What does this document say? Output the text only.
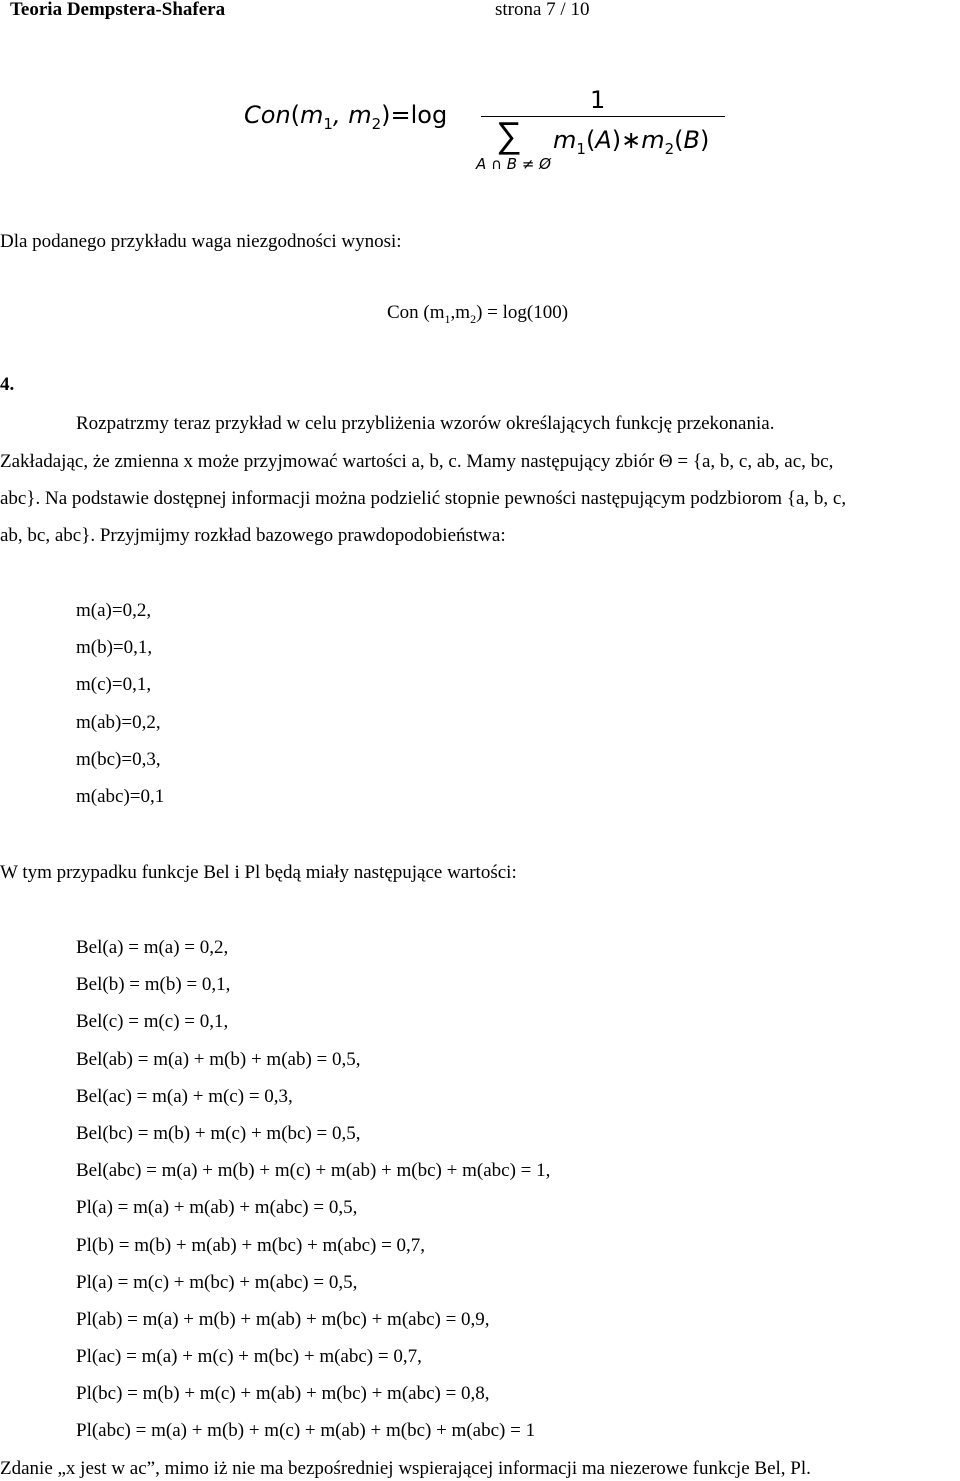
Teoria Dempstera-Shafera	strona 7 / 10
$Con(m_1$, $m_2)=\log$
1
∑
A ∩ B ≠ Ø
$m_1(A)∗m_2(B)$
Dla podanego przykładu waga niezgodności wynosi:
Con $(m_1,m_2) = \log(100)$
4.
Rozpatrzmy teraz przykład w celu przybliżenia wzorów określających funkcję przekonania.
Zakładając, że zmienna x może przyjmować wartości a, b, c. Mamy następujący zbiór Θ = {a, b, c, ab, ac, bc,
abc}. Na podstawie dostępnej informacji można podzielić stopnie pewności następującym podzbiorom {a, b, c,
ab, bc, abc}. Przyjmijmy rozkład bazowego prawdopodobieństwa:
m(a)=0,2,
m(b)=0,1,
m(c)=0,1,
m(ab)=0,2,
m(bc)=0,3,
m(abc)=0,1
W tym przypadku funkcje Bel i Pl będą miały następujące wartości:
Bel(a) = m(a) = 0,2,
Bel(b) = m(b) = 0,1,
Bel(c) = m(c) = 0,1,
Bel(ab) = m(a) + m(b) + m(ab) = 0,5,
Bel(ac) = m(a) + m(c) = 0,3,
Bel(bc) = m(b) + m(c) + m(bc) = 0,5,
Bel(abc) = m(a) + m(b) + m(c) + m(ab) + m(bc) + m(abc) = 1,
Pl(a) = m(a) + m(ab) + m(abc) = 0,5,
Pl(b) = m(b) + m(ab) + m(bc) + m(abc) = 0,7,
Pl(a) = m(c) + m(bc) + m(abc) = 0,5,
Pl(ab) = m(a) + m(b) + m(ab) + m(bc) + m(abc) = 0,9,
Pl(ac) = m(a) + m(c) + m(bc) + m(abc) = 0,7,
Pl(bc) = m(b) + m(c) + m(ab) + m(bc) + m(abc) = 0,8,
Pl(abc) = m(a) + m(b) + m(c) + m(ab) + m(bc) + m(abc) = 1
Zdanie „x jest w ac”, mimo iż nie ma bezpośredniej wspierającej informacji ma niezerowe funkcje Bel, Pl.
